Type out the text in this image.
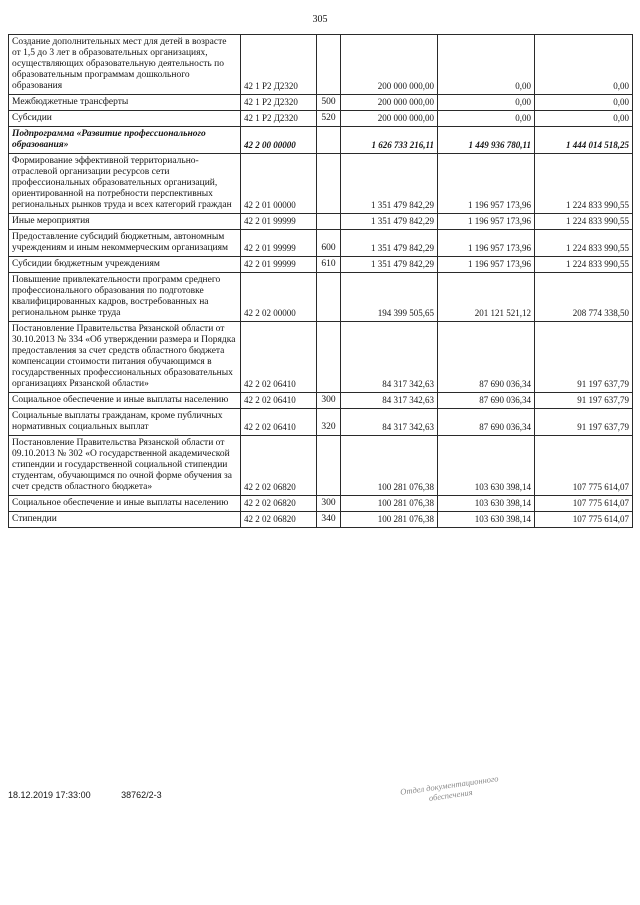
305
Создание дополнительных мест для детей в возрасте от 1,5 до 3 лет в образовательных организациях, осуществляющих образовательную деятельность по образовательным программам дошкольного образования	42 1 Р2 Д2320		200 000 000,00	0,00	0,00
Межбюджетные трансферты	42 1 Р2 Д2320	500	200 000 000,00	0,00	0,00
Субсидии	42 1 Р2 Д2320	520	200 000 000,00	0,00	0,00
Подпрограмма «Развитие профессионального образования»	42 2 00 00000		1 626 733 216,11	1 449 936 780,11	1 444 014 518,25
Формирование эффективной территориально-отраслевой организации ресурсов сети профессиональных образовательных организаций, ориентированной на потребности перспективных региональных рынков труда и всех категорий граждан	42 2 01 00000		1 351 479 842,29	1 196 957 173,96	1 224 833 990,55
Иные мероприятия	42 2 01 99999		1 351 479 842,29	1 196 957 173,96	1 224 833 990,55
Предоставление субсидий бюджетным, автономным учреждениям и иным некоммерческим организациям	42 2 01 99999	600	1 351 479 842,29	1 196 957 173,96	1 224 833 990,55
Субсидии бюджетным учреждениям	42 2 01 99999	610	1 351 479 842,29	1 196 957 173,96	1 224 833 990,55
Повышение привлекательности программ среднего профессионального образования по подготовке квалифицированных кадров, востребованных на региональном рынке труда	42 2 02 00000		194 399 505,65	201 121 521,12	208 774 338,50
Постановление Правительства Рязанской области от 30.10.2013 № 334 «Об утверждении размера и Порядка предоставления за счет средств областного бюджета компенсации стоимости питания обучающимся в государственных профессиональных образовательных организациях Рязанской области»	42 2 02 06410		84 317 342,63	87 690 036,34	91 197 637,79
Социальное обеспечение и иные выплаты населению	42 2 02 06410	300	84 317 342,63	87 690 036,34	91 197 637,79
Социальные выплаты гражданам, кроме публичных нормативных социальных выплат	42 2 02 06410	320	84 317 342,63	87 690 036,34	91 197 637,79
Постановление Правительства Рязанской области от 09.10.2013 № 302 «О государственной академической стипендии и государственной социальной стипендии студентам, обучающимся по очной форме обучения за счет средств областного бюджета»	42 2 02 06820		100 281 076,38	103 630 398,14	107 775 614,07
Социальное обеспечение и иные выплаты населению	42 2 02 06820	300	100 281 076,38	103 630 398,14	107 775 614,07
Стипендии	42 2 02 06820	340	100 281 076,38	103 630 398,14	107 775 614,07
Отдел документационного обеспечения
18.12.2019 17:33:00	38762/2-3
